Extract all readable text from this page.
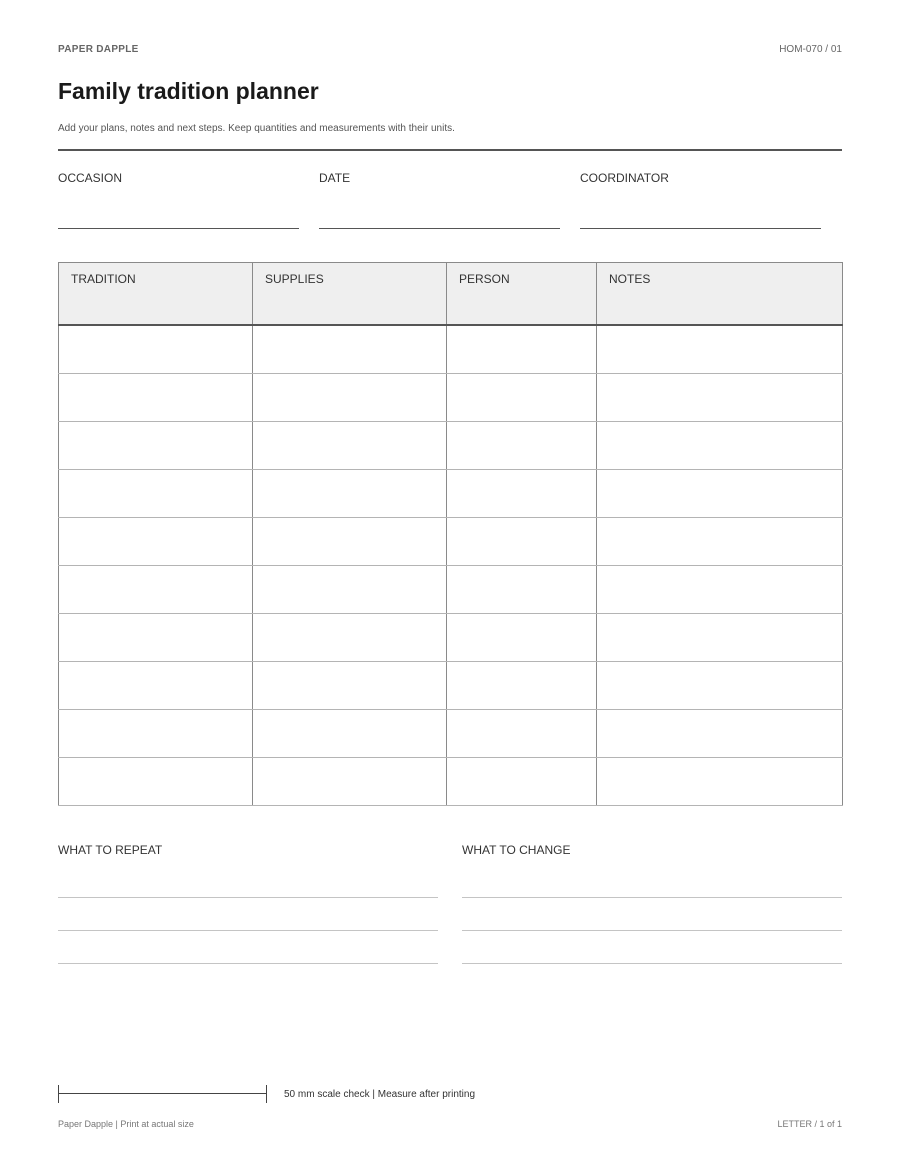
PAPER DAPPLE	HOM-070 / 01
Family tradition planner
Add your plans, notes and next steps. Keep quantities and measurements with their units.
OCCASION	DATE	COORDINATOR
TRADITION	SUPPLIES	PERSON	NOTES

WHAT TO REPEAT	WHAT TO CHANGE
50 mm scale check | Measure after printing
Paper Dapple | Print at actual size	LETTER / 1 of 1
